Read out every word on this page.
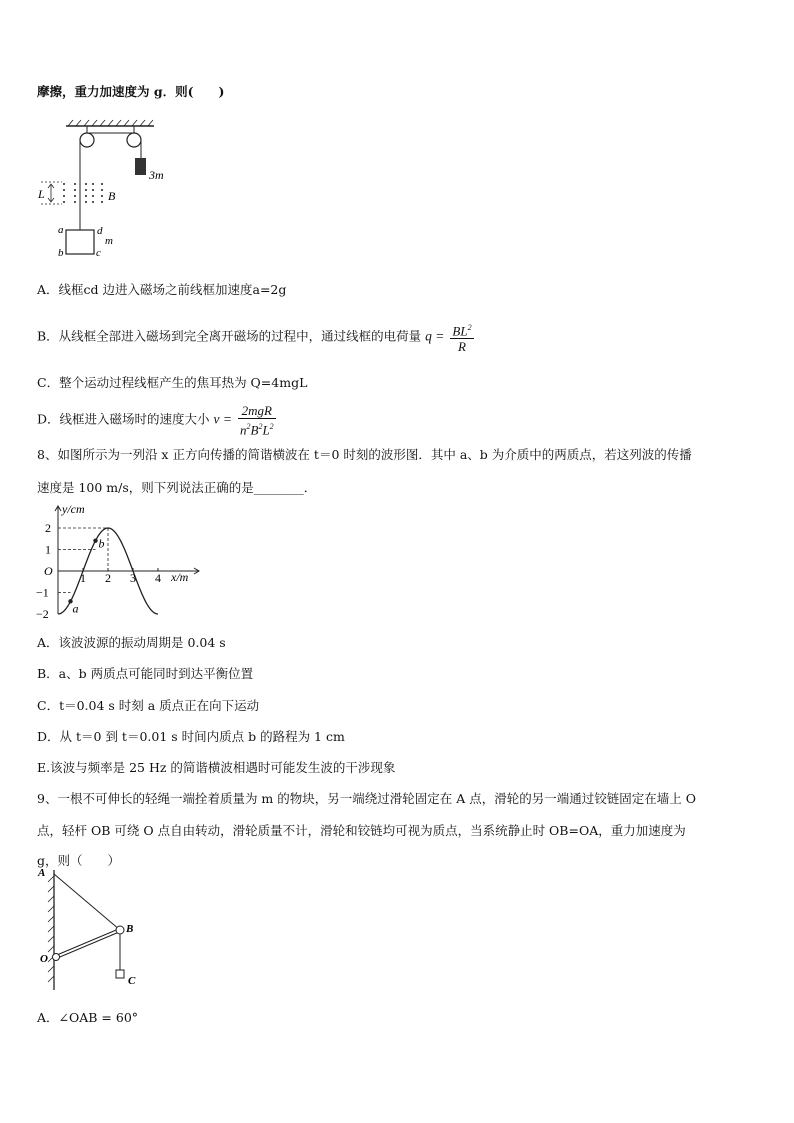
摩擦，重力加速度为 g．则(　　)
3m
L	B
a
b	c
d
m
A．线框cd 边进入磁场之前线框加速度a=2g
B．从线框全部进入磁场到完全离开磁场的过程中，通过线框的电荷量 $q = \frac{BL^2}{R}$
C．整个运动过程线框产生的焦耳热为 Q=4mgL
D．线框进入磁场时的速度大小 $v = \frac{\text{2mgR}}{n^2B^2L^2}$
8、如图所示为一列沿 x 正方向传播的简谐横波在 t＝0 时刻的波形图．其中 a、b 为介质中的两质点，若这列波的传播
速度是 100 m/s，则下列说法正确的是________．
y/cm
x/m
1 2 3 4
2
1
O
−1
−2 a
b
A．该波波源的振动周期是 0.04 s
B．a、b 两质点可能同时到达平衡位置
C．t＝0.04 s 时刻 a 质点正在向下运动
D．从 t＝0 到 t＝0.01 s 时间内质点 b 的路程为 1 cm
E.该波与频率是 25 Hz 的简谐横波相遇时可能发生波的干涉现象
9、一根不可伸长的轻绳一端拴着质量为 m 的物块，另一端绕过滑轮固定在 A 点，滑轮的另一端通过铰链固定在墙上 O
点，轻杆 OB 可绕 O 点自由转动，滑轮质量不计，滑轮和铰链均可视为质点，当系统静止时 OB=OA，重力加速度为
g，则（　　）
A
B
O
C
A．∠OAB = 60°
